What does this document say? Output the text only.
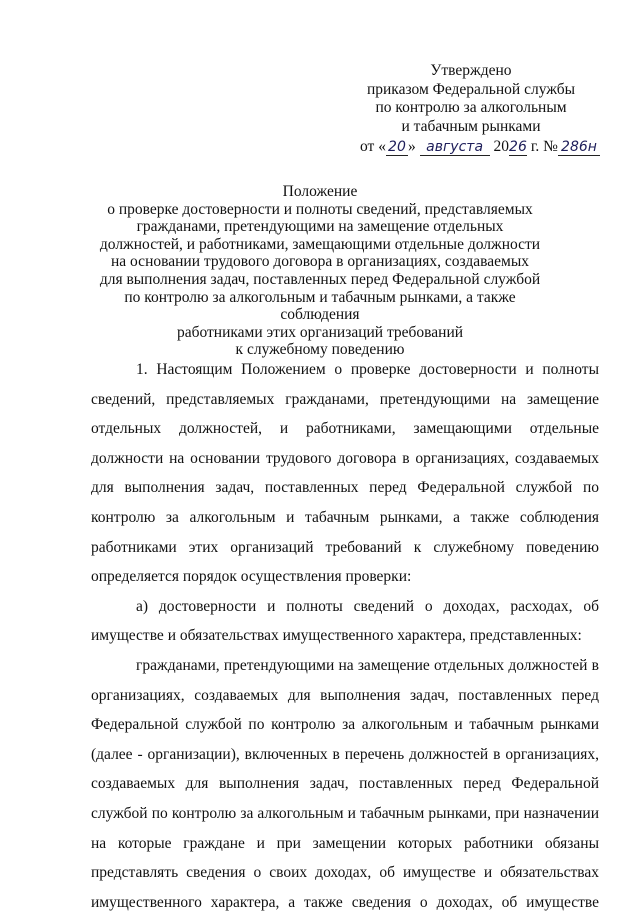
Утверждено
приказом Федеральной службы
по контролю за алкогольным
и табачным рынками
от « 20 » августа 2026 г. № 286н
Положение
о проверке достоверности и полноты сведений, представляемых
гражданами, претендующими на замещение отдельных
должностей, и работниками, замещающими отдельные должности
на основании трудового договора в организациях, создаваемых
для выполнения задач, поставленных перед Федеральной службой
по контролю за алкогольным и табачным рынками, а также соблюдения
работниками этих организаций требований
к служебному поведению

1. Настоящим Положением о проверке достоверности и полноты сведений, представляемых гражданами, претендующими на замещение отдельных должностей, и работниками, замещающими отдельные должности на основании трудового договора в организациях, создаваемых для выполнения задач, поставленных перед Федеральной службой по контролю за алкогольным и табачным рынками, а также соблюдения работниками этих организаций требований к служебному поведению определяется порядок осуществления проверки:

а) достоверности и полноты сведений о доходах, расходах, об имуществе и обязательствах имущественного характера, представленных:

гражданами, претендующими на замещение отдельных должностей в организациях, создаваемых для выполнения задач, поставленных перед Федеральной службой по контролю за алкогольным и табачным рынками (далее - организации), включенных в перечень должностей в организациях, создаваемых для выполнения задач, поставленных перед Федеральной службой по контролю за алкогольным и табачным рынками, при назначении на которые граждане и при замещении которых работники обязаны представлять сведения о своих доходах, об имуществе и обязательствах имущественного характера, а также сведения о доходах, об имуществе
